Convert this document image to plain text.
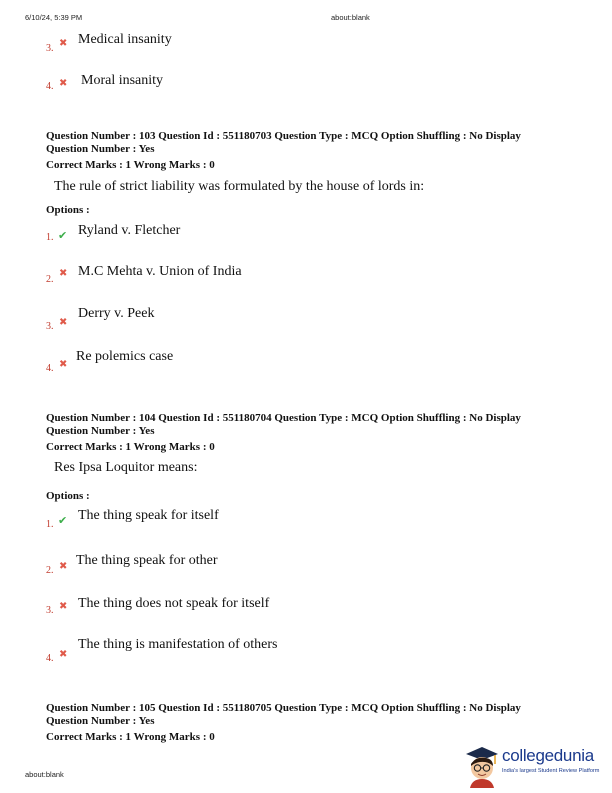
6/10/24, 5:39 PM	about:blank
3. ✖ Medical insanity
4. ✖ Moral insanity
Question Number : 103 Question Id : 551180703 Question Type : MCQ Option Shuffling : No Display
Question Number : Yes
Correct Marks : 1 Wrong Marks : 0
The rule of strict liability was formulated by the house of lords in:
Options :
1. ✔ Ryland v. Fletcher
2.
✖ M.C Mehta v. Union of India
3. ✖
Derry v. Peek
4. ✖
Re polemics case
Question Number : 104 Question Id : 551180704 Question Type : MCQ Option Shuffling : No Display
Question Number : Yes
Correct Marks : 1 Wrong Marks : 0
Res Ipsa Loquitor means:
Options :
1. ✔ The thing speak for itself
2. ✖ The thing speak for other
3. ✖ The thing does not speak for itself
4. ✖
The thing is manifestation of others
Question Number : 105 Question Id : 551180705 Question Type : MCQ Option Shuffling : No Display
Question Number : Yes
Correct Marks : 1 Wrong Marks : 0
about:blank
collegedunia
India's largest Student Review Platform
